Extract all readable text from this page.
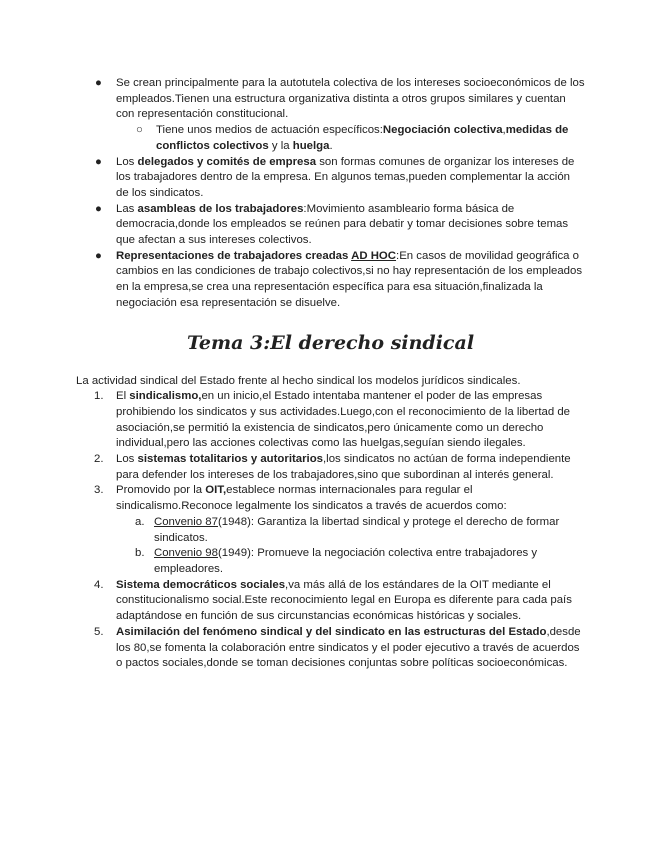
● Se crean principalmente para la autotutela colectiva de los intereses socioeconómicos de los empleados.Tienen una estructura organizativa distinta a otros grupos similares y cuentan con representación constitucional.
○ Tiene unos medios de actuación específicos:Negociación colectiva,medidas de conflictos colectivos y la huelga.
● Los delegados y comités de empresa son formas comunes de organizar los intereses de los trabajadores dentro de la empresa. En algunos temas,pueden complementar la acción de los sindicatos.
● Las asambleas de los trabajadores:Movimiento asambleario forma básica de democracia,donde los empleados se reúnen para debatir y tomar decisiones sobre temas que afectan a sus intereses colectivos.
● Representaciones de trabajadores creadas AD HOC:En casos de movilidad geográfica o cambios en las condiciones de trabajo colectivos,si no hay representación de los empleados en la empresa,se crea una representación específica para esa situación,finalizada la negociación esa representación se disuelve.
Tema 3:El derecho sindical
La actividad sindical del Estado frente al hecho sindical los modelos jurídicos sindicales.
1. El sindicalismo,en un inicio,el Estado intentaba mantener el poder de las empresas prohibiendo los sindicatos y sus actividades.Luego,con el reconocimiento de la libertad de asociación,se permitió la existencia de sindicatos,pero únicamente como un derecho individual,pero las acciones colectivas como las huelgas,seguían siendo ilegales.
2. Los sistemas totalitarios y autoritarios,los sindicatos no actúan de forma independiente para defender los intereses de los trabajadores,sino que subordinan al interés general.
3. Promovido por la OIT,establece normas internacionales para regular el sindicalismo.Reconoce legalmente los sindicatos a través de acuerdos como:
a. Convenio 87(1948): Garantiza la libertad sindical y protege el derecho de formar sindicatos.
b. Convenio 98(1949): Promueve la negociación colectiva entre trabajadores y empleadores.
4. Sistema democráticos sociales,va más allá de los estándares de la OIT mediante el constitucionalismo social.Este reconocimiento legal en Europa es diferente para cada país adaptándose en función de sus circunstancias económicas históricas y sociales.
5. Asimilación del fenómeno sindical y del sindicato en las estructuras del Estado,desde los 80,se fomenta la colaboración entre sindicatos y el poder ejecutivo a través de acuerdos o pactos sociales,donde se toman decisiones conjuntas sobre políticas socioeconómicas.
